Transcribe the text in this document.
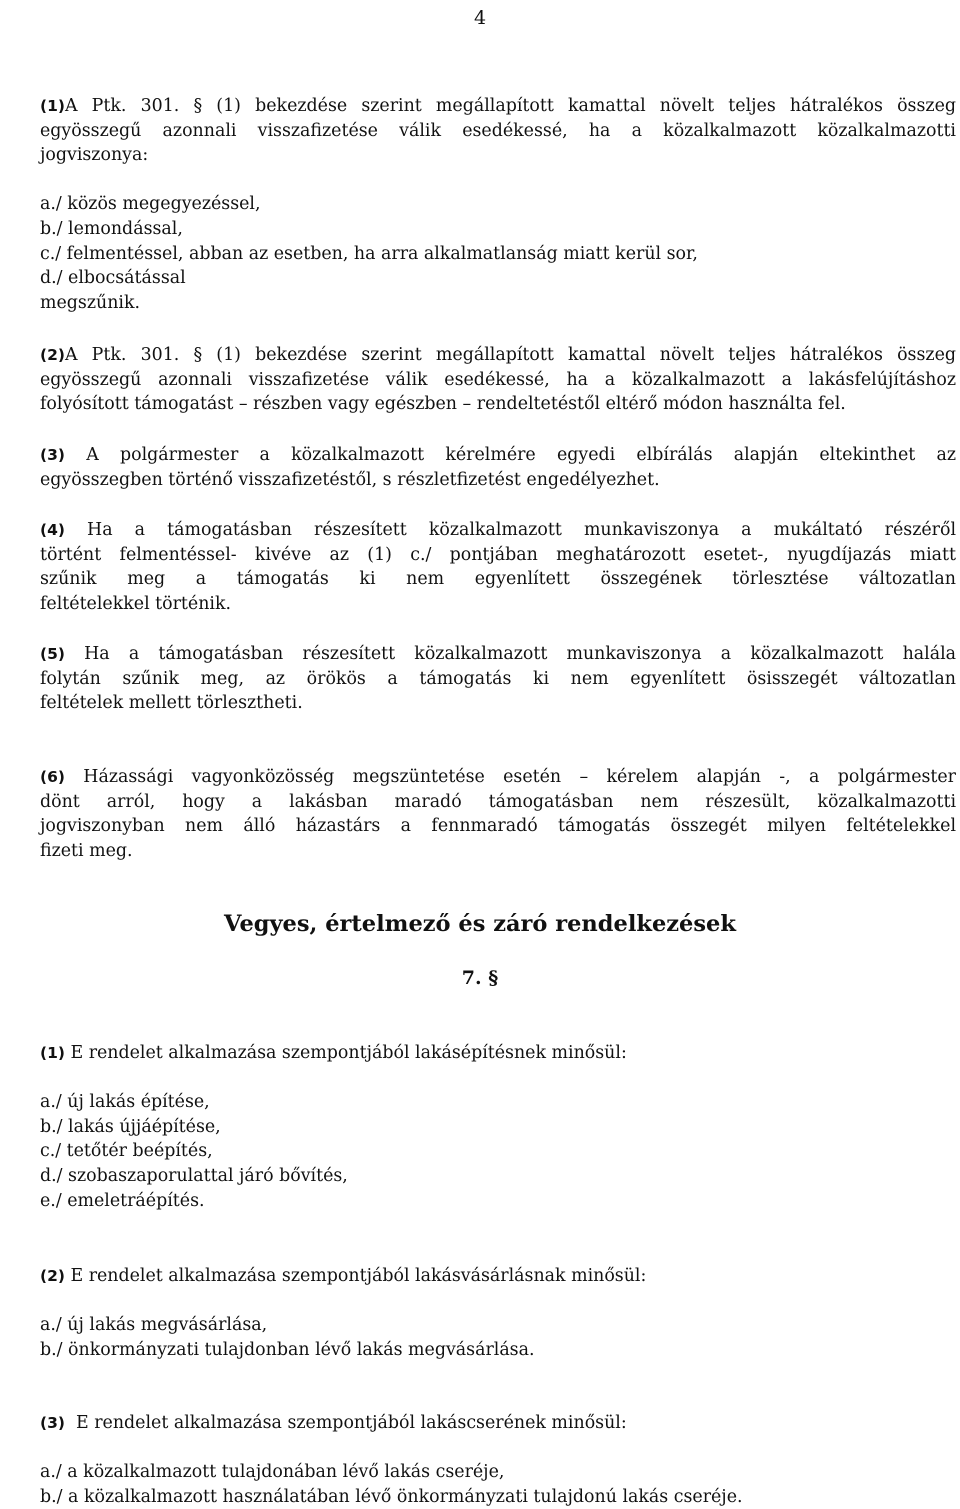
4
(1)A Ptk. 301. § (1) bekezdése szerint megállapított kamattal növelt teljes hátralékos összeg
egyösszegű azonnali visszafizetése válik esedékessé, ha a közalkalmazott közalkalmazotti
jogviszonya:
a./ közös megegyezéssel,
b./ lemondással,
c./ felmentéssel, abban az esetben, ha arra alkalmatlanság miatt kerül sor,
d./ elbocsátással
megszűnik.
(2)A Ptk. 301. § (1) bekezdése szerint megállapított kamattal növelt teljes hátralékos összeg
egyösszegű azonnali visszafizetése válik esedékessé, ha a közalkalmazott a lakásfelújításhoz
folyósított támogatást – részben vagy egészben – rendeltetéstől eltérő módon használta fel.
(3) A polgármester a közalkalmazott kérelmére egyedi elbírálás alapján eltekinthet az
egyösszegben történő visszafizetéstől, s részletfizetést engedélyezhet.
(4) Ha a támogatásban részesített közalkalmazott munkaviszonya a mukáltató részéről
történt felmentéssel- kivéve az (1) c./ pontjában meghatározott esetet-, nyugdíjazás miatt
szűnik meg a támogatás ki nem egyenlített összegének törlesztése változatlan
feltételekkel történik.
(5) Ha a támogatásban részesített közalkalmazott munkaviszonya a közalkalmazott halála
folytán szűnik meg, az örökös a támogatás ki nem egyenlített ösisszegét változatlan
feltételek mellett törlesztheti.
(6) Házassági vagyonközösség megszüntetése esetén – kérelem alapján -, a polgármester
dönt arról, hogy a lakásban maradó támogatásban nem részesült, közalkalmazotti
jogviszonyban nem álló házastárs a fennmaradó támogatás összegét milyen feltételekkel
fizeti meg.
Vegyes, értelmező és záró rendelkezések
7. §
(1) E rendelet alkalmazása szempontjából lakásépítésnek minősül:
a./ új lakás építése,
b./ lakás újjáépítése,
c./ tetőtér beépítés,
d./ szobaszaporulattal járó bővítés,
e./ emeletráépítés.
(2) E rendelet alkalmazása szempontjából lakásvásárlásnak minősül:
a./ új lakás megvásárlása,
b./ önkormányzati tulajdonban lévő lakás megvásárlása.
(3)  E rendelet alkalmazása szempontjából lakáscserének minősül:
a./ a közalkalmazott tulajdonában lévő lakás cseréje,
b./ a közalkalmazott használatában lévő önkormányzati tulajdonú lakás cseréje.
